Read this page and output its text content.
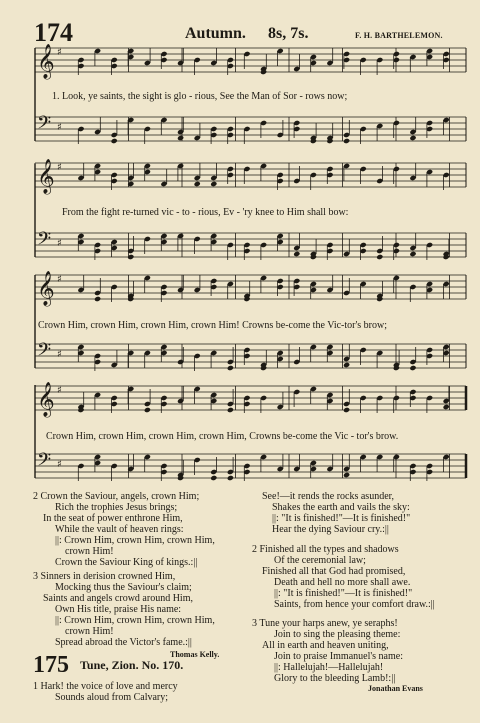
174	Autumn. 8s, 7s.	F. H. BARTHELEMON.
𝄞 ♯
𝄢 ♯
𝄞 ♯
𝄢 ♯
𝄞 ♯
𝄢 ♯
𝄞 ♯
𝄢 ♯
1. Look, ye saints, the sight is glo - rious, See the Man of Sor - rows now;
From the fight re-turned vic - to - rious, Ev - 'ry knee to Him shall bow:
Crown Him, crown Him, crown Him, crown Him! Crowns be-come the Vic-tor's brow;
Crown Him, crown Him, crown Him, crown Him, Crowns be-come the Vic - tor's brow.
2 Crown the Saviour, angels, crown Him;
Rich the trophies Jesus brings;
In the seat of power enthrone Him,
While the vault of heaven rings:
||: Crown Him, crown Him, crown Him,
crown Him!
Crown the Saviour King of kings.:||
3 Sinners in derision crowned Him,
Mocking thus the Saviour's claim;
Saints and angels crowd around Him,
Own His title, praise His name:
||: Crown Him, crown Him, crown Him,
crown Him!
Spread abroad the Victor's fame.:||
Thomas Kelly.
See!—it rends the rocks asunder,
Shakes the earth and vails the sky:
||: "It is finished!"—It is finished!"
Hear the dying Saviour cry.:||
2 Finished all the types and shadows
Of the ceremonial law;
Finished all that God had promised,
Death and hell no more shall awe.
||: "It is finished!"—It is finished!"
Saints, from hence your comfort draw.:||
3 Tune your harps anew, ye seraphs!
Join to sing the pleasing theme:
All in earth and heaven uniting,
Join to praise Immanuel's name:
||: Hallelujah!—Hallelujah!
Glory to the bleeding Lamb!:||
Jonathan Evans
175 Tune, Zion. No. 170.
1 Hark! the voice of love and mercy
Sounds aloud from Calvary;
